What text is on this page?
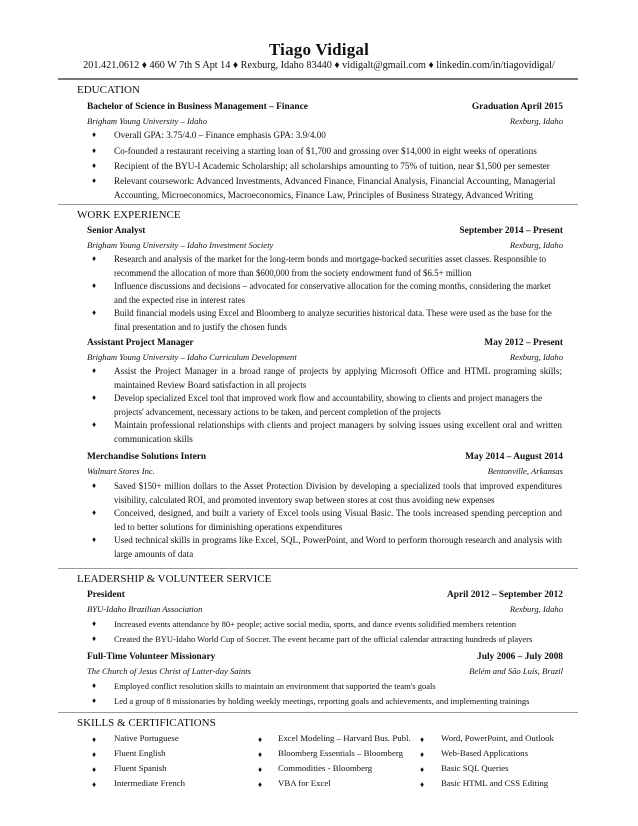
Tiago Vidigal
201.421.0612 ♦ 460 W 7th S Apt 14 ♦ Rexburg, Idaho 83440 ♦ vidigalt@gmail.com ♦ linkedin.com/in/tiagovidigal/
EDUCATION
Bachelor of Science in Business Management – Finance	Graduation April 2015
Brigham Young University – Idaho	Rexburg, Idaho
♦ Overall GPA: 3.75/4.0 – Finance emphasis GPA: 3.9/4.00
♦ Co-founded a restaurant receiving a starting loan of $1,700 and grossing over $14,000 in eight weeks of operations
♦ Recipient of the BYU-I Academic Scholarship; all scholarships amounting to 75% of tuition, near $1,500 per semester
♦ Relevant coursework: Advanced Investments, Advanced Finance, Financial Analysis, Financial Accounting, Managerial Accounting, Microeconomics, Macroeconomics, Finance Law, Principles of Business Strategy, Advanced Writing
WORK EXPERIENCE
Senior Analyst	September 2014 – Present
Brigham Young University – Idaho Investment Society	Rexburg, Idaho
♦ Research and analysis of the market for the long-term bonds and mortgage-backed securities asset classes. Responsible to recommend the allocation of more than $600,000 from the society endowment fund of $6.5+ million
♦ Influence discussions and decisions – advocated for conservative allocation for the coming months, considering the market and the expected rise in interest rates
♦ Build financial models using Excel and Bloomberg to analyze securities historical data. These were used as the base for the final presentation and to justify the chosen funds
Assistant Project Manager	May 2012 – Present
Brigham Young University – Idaho Curriculum Development	Rexburg, Idaho
♦ Assist the Project Manager in a broad range of projects by applying Microsoft Office and HTML programing skills; maintained Review Board satisfaction in all projects
♦ Develop specialized Excel tool that improved work flow and accountability, showing to clients and project managers the projects' advancement, necessary actions to be taken, and percent completion of the projects
♦ Maintain professional relationships with clients and project managers by solving issues using excellent oral and written communication skills
Merchandise Solutions Intern	May 2014 – August 2014
Walmart Stores Inc.	Bentonville, Arkansas
♦ Saved $150+ million dollars to the Asset Protection Division by developing a specialized tools that improved expenditures visibility, calculated ROI, and promoted inventory swap between stores at cost thus avoiding new expenses
♦ Conceived, designed, and built a variety of Excel tools using Visual Basic. The tools increased spending perception and led to better solutions for diminishing operations expenditures
♦ Used technical skills in programs like Excel, SQL, PowerPoint, and Word to perform thorough research and analysis with large amounts of data
LEADERSHIP & VOLUNTEER SERVICE
President	April 2012 – September 2012
BYU-Idaho Brazilian Association	Rexburg, Idaho
♦ Increased events attendance by 80+ people; active social media, sports, and dance events solidified members retention
♦ Created the BYU-Idaho World Cup of Soccer. The event became part of the official calendar attracting hundreds of players
Full-Time Volunteer Missionary	July 2006 – July 2008
The Church of Jesus Christ of Latter-day Saints	Belém and São Luís, Brazil
♦ Employed conflict resolution skills to maintain an environment that supported the team's goals
♦ Led a group of 8 missionaries by holding weekly meetings, reporting goals and achievements, and implementing trainings
SKILLS & CERTIFICATIONS
♦ Native Portuguese
♦ Fluent English
♦ Fluent Spanish
♦ Intermediate French
♦ Excel Modeling – Harvard Bus. Publ.
♦ Bloomberg Essentials – Bloomberg
♦ Commodities - Bloomberg
♦ VBA for Excel
♦ Word, PowerPoint, and Outlook
♦ Web-Based Applications
♦ Basic SQL Queries
♦ Basic HTML and CSS Editing
